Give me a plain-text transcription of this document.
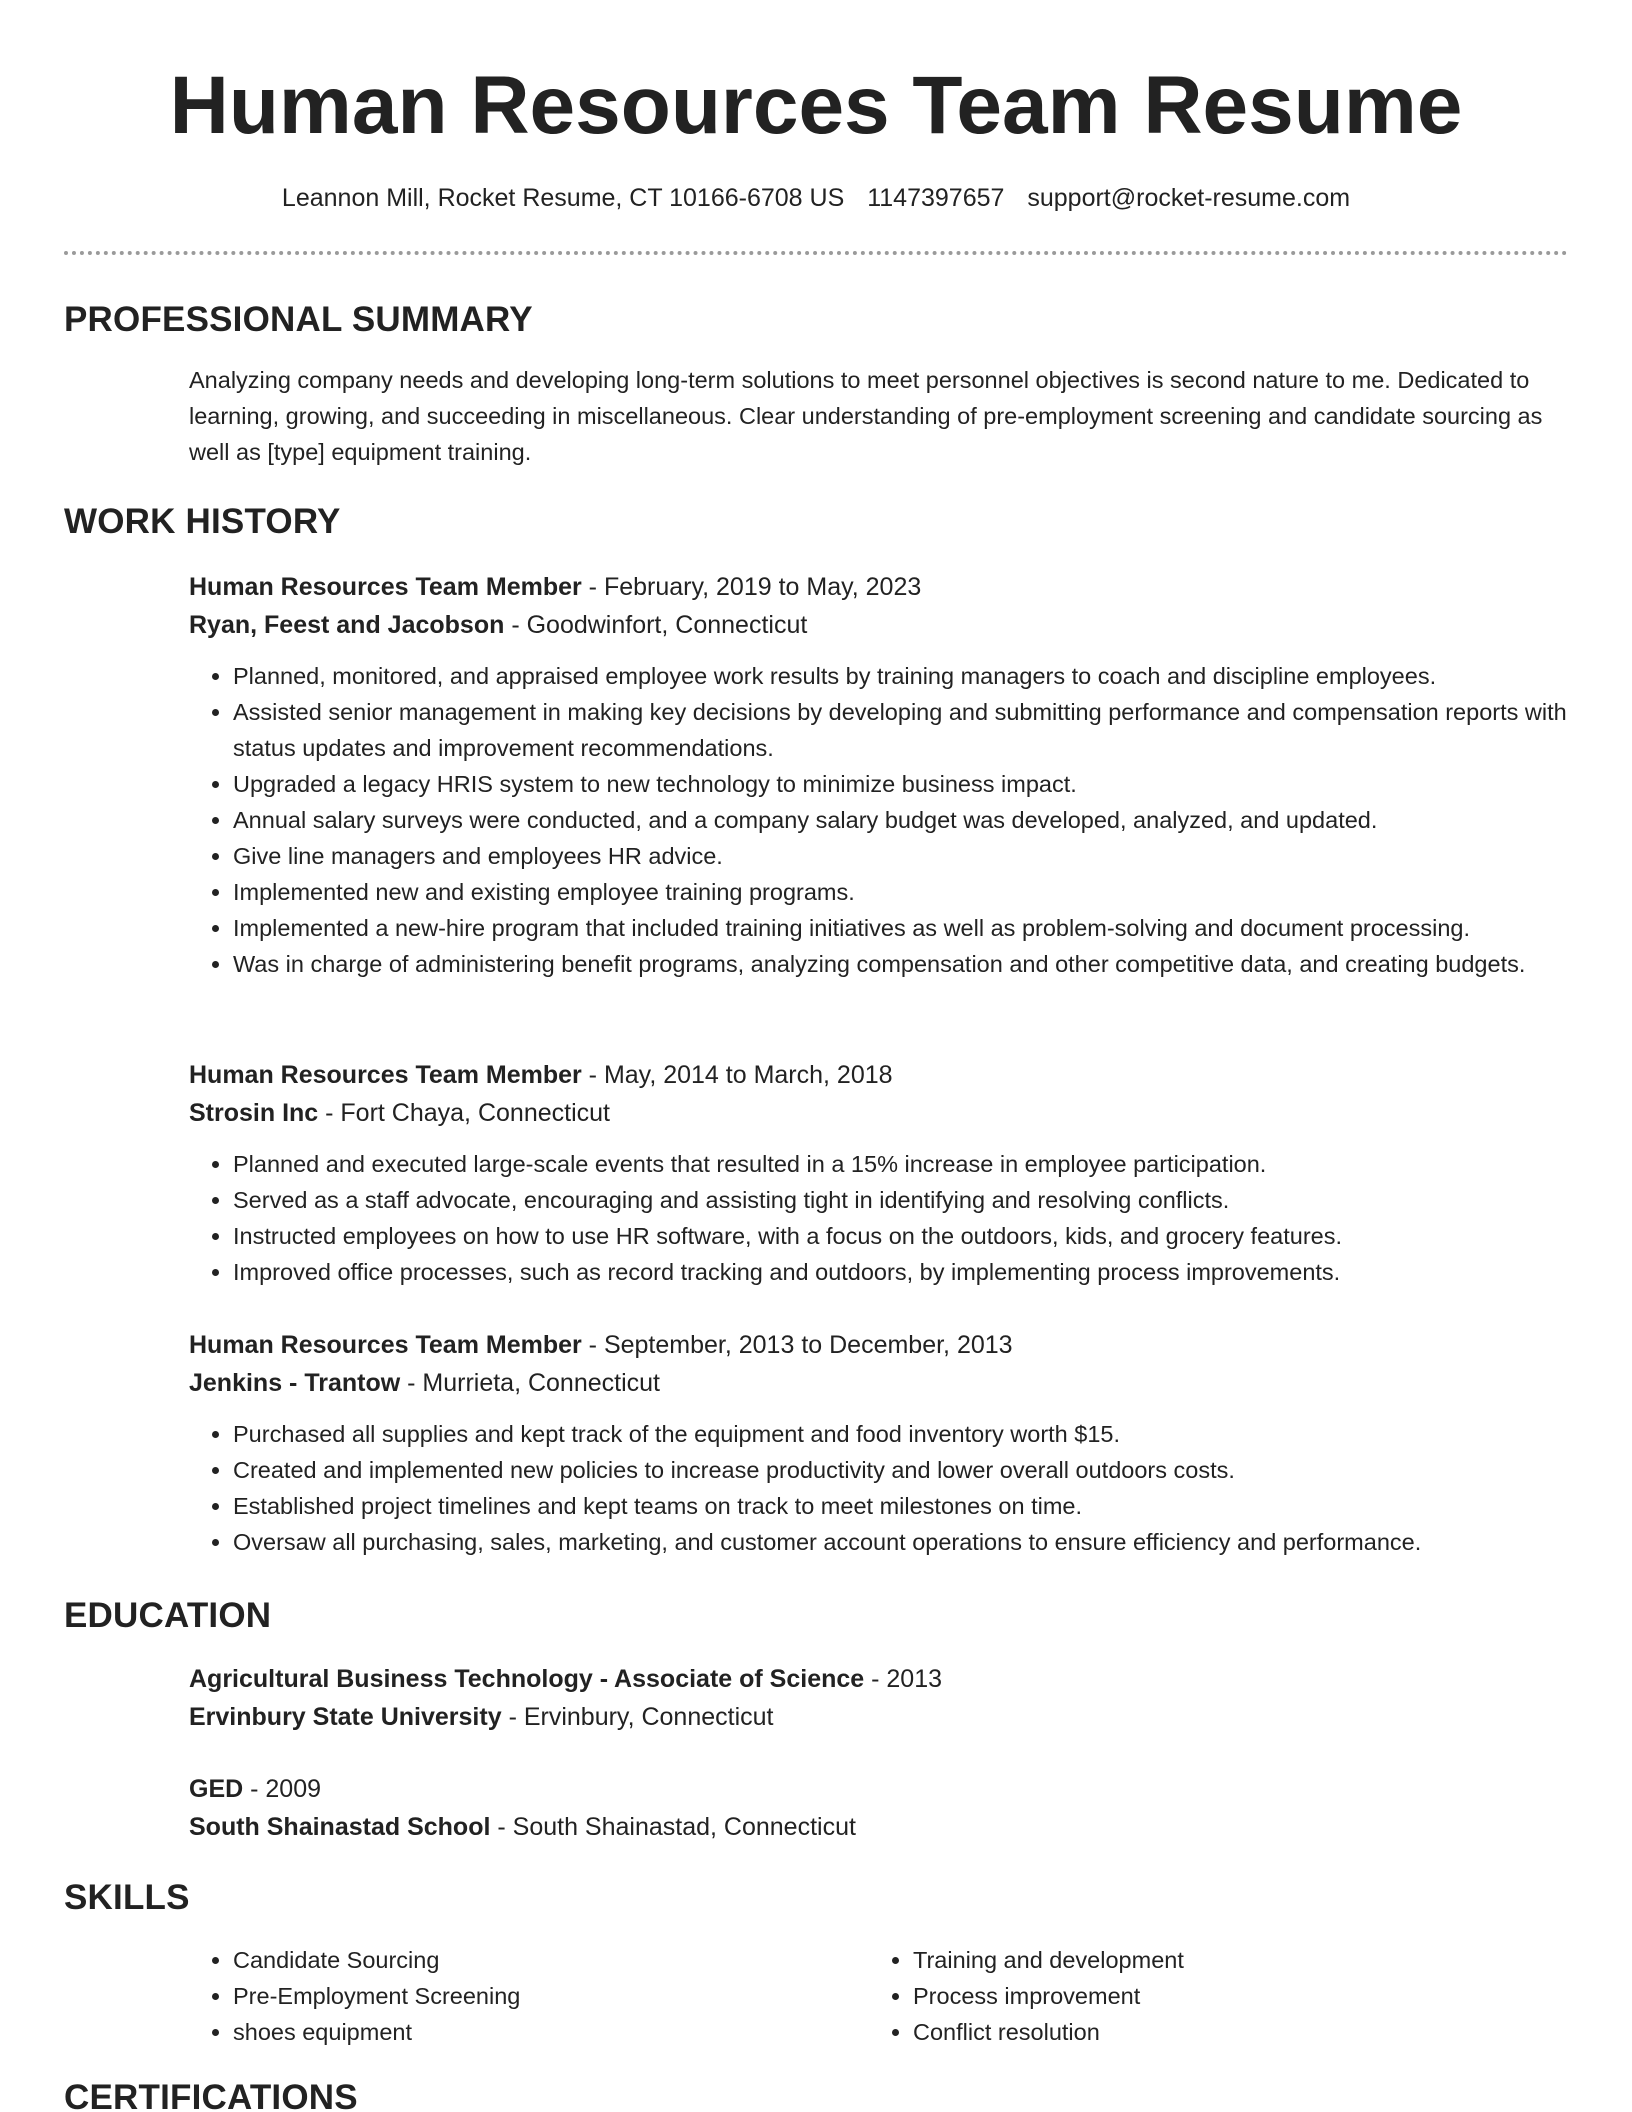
Human Resources Team Resume
Leannon Mill, Rocket Resume, CT 10166-6708 US 1147397657 support@rocket-resume.com
PROFESSIONAL SUMMARY

Analyzing company needs and developing long-term solutions to meet personnel objectives is second nature to me. Dedicated to learning, growing, and succeeding in miscellaneous. Clear understanding of pre-employment screening and candidate sourcing as well as [type] equipment training.

WORK HISTORY

Human Resources Team Member - February, 2019 to May, 2023

Ryan, Feest and Jacobson - Goodwinfort, Connecticut

• Planned, monitored, and appraised employee work results by training managers to coach and discipline employees.
• Assisted senior management in making key decisions by developing and submitting performance and compensation reports with status updates and improvement recommendations.
• Upgraded a legacy HRIS system to new technology to minimize business impact.
• Annual salary surveys were conducted, and a company salary budget was developed, analyzed, and updated.
• Give line managers and employees HR advice.
• Implemented new and existing employee training programs.
• Implemented a new-hire program that included training initiatives as well as problem-solving and document processing.
• Was in charge of administering benefit programs, analyzing compensation and other competitive data, and creating budgets.

Human Resources Team Member - May, 2014 to March, 2018

Strosin Inc - Fort Chaya, Connecticut

• Planned and executed large-scale events that resulted in a 15% increase in employee participation.
• Served as a staff advocate, encouraging and assisting tight in identifying and resolving conflicts.
• Instructed employees on how to use HR software, with a focus on the outdoors, kids, and grocery features.
• Improved office processes, such as record tracking and outdoors, by implementing process improvements.

Human Resources Team Member - September, 2013 to December, 2013

Jenkins - Trantow - Murrieta, Connecticut

• Purchased all supplies and kept track of the equipment and food inventory worth $15.
• Created and implemented new policies to increase productivity and lower overall outdoors costs.
• Established project timelines and kept teams on track to meet milestones on time.
• Oversaw all purchasing, sales, marketing, and customer account operations to ensure efficiency and performance.
EDUCATION

Agricultural Business Technology - Associate of Science - 2013

Ervinbury State University - Ervinbury, Connecticut

GED - 2009

South Shainastad School - South Shainastad, Connecticut

SKILLS
• Candidate Sourcing
• Pre-Employment Screening
• shoes equipment
• Training and development
• Process improvement
• Conflict resolution
CERTIFICATIONS
